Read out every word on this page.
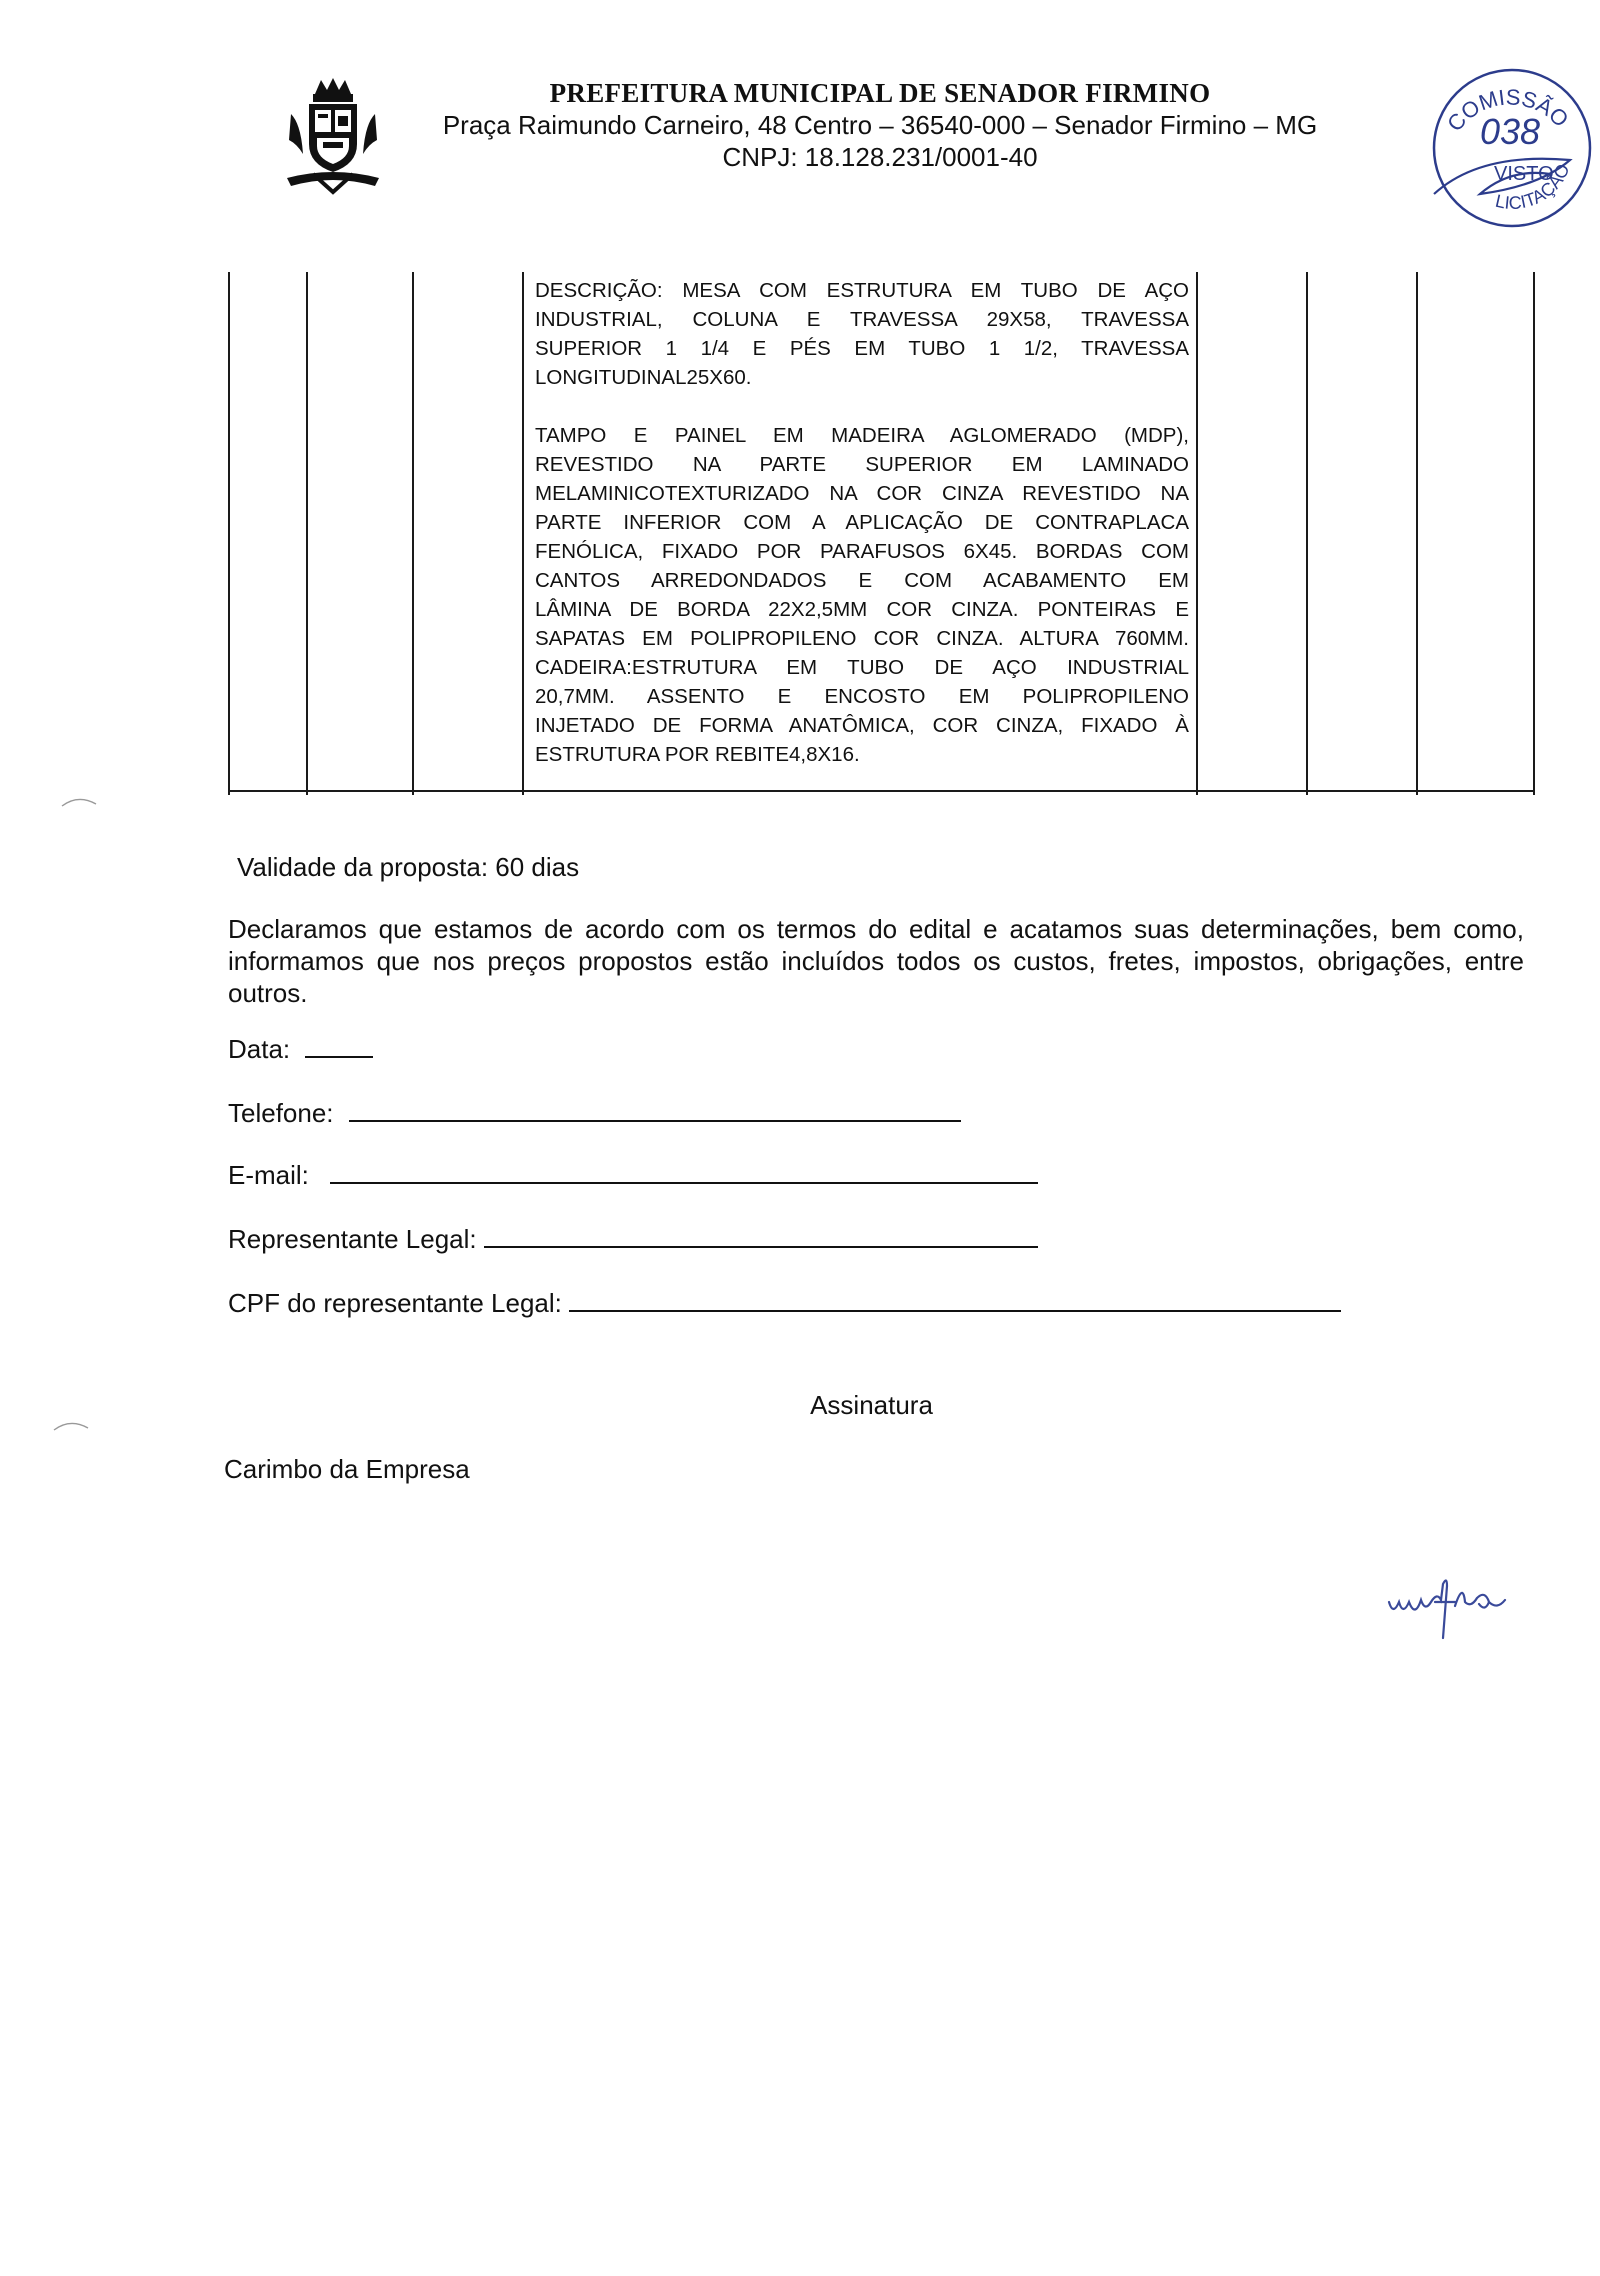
PREFEITURA MUNICIPAL DE SENADOR FIRMINO
Praça Raimundo Carneiro, 48 Centro – 36540-000 – Senador Firmino – MG
CNPJ: 18.128.231/0001-40
COMISSÃO
038
VISTO
LICITAÇÃO

DESCRIÇÃO: MESA COM ESTRUTURA EM TUBO DE AÇO
INDUSTRIAL, COLUNA E TRAVESSA 29X58, TRAVESSA
SUPERIOR 1 1/4 E PÉS EM TUBO 1 1/2, TRAVESSA
LONGITUDINAL25X60.

TAMPO E PAINEL EM MADEIRA AGLOMERADO (MDP),
REVESTIDO NA PARTE SUPERIOR EM LAMINADO
MELAMINICOTEXTURIZADO NA COR CINZA REVESTIDO NA
PARTE INFERIOR COM A APLICAÇÃO DE CONTRAPLACA
FENÓLICA, FIXADO POR PARAFUSOS 6X45. BORDAS COM
CANTOS ARREDONDADOS E COM ACABAMENTO EM
LÂMINA DE BORDA 22X2,5MM COR CINZA. PONTEIRAS E
SAPATAS EM POLIPROPILENO COR CINZA. ALTURA 760MM.
CADEIRA:ESTRUTURA EM TUBO DE AÇO INDUSTRIAL
20,7MM. ASSENTO E ENCOSTO EM POLIPROPILENO
INJETADO DE FORMA ANATÔMICA, COR CINZA, FIXADO À
ESTRUTURA POR REBITE4,8X16.

Validade da proposta: 60 dias
Declaramos que estamos de acordo com os termos do edital e acatamos suas determinações, bem como, informamos que nos preços propostos estão incluídos todos os custos, fretes, impostos, obrigações, entre outros.
Data:
Telefone:
E-mail:
Representante Legal:
CPF do representante Legal:
Assinatura
Carimbo da Empresa
